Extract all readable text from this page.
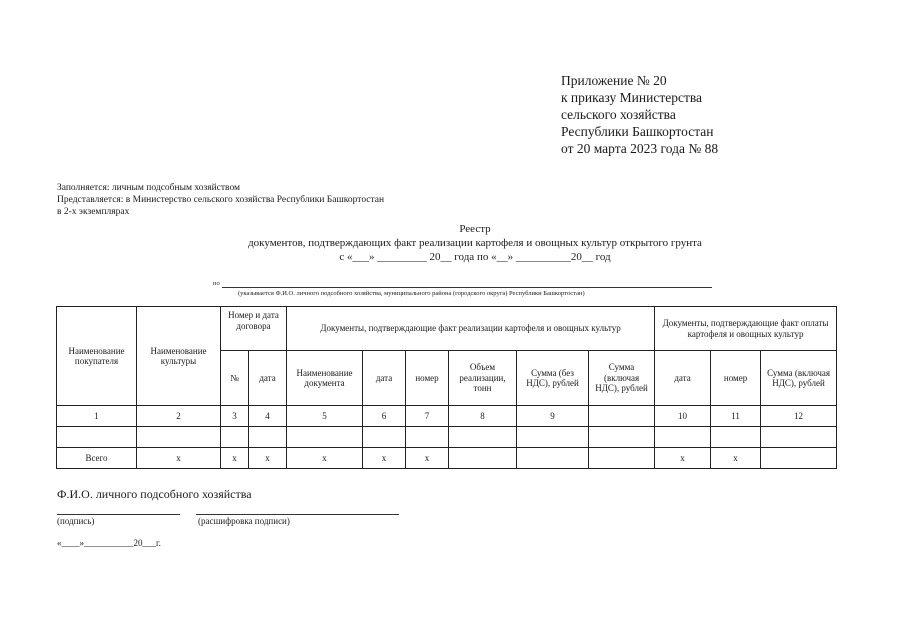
Приложение № 20
к приказу Министерства
сельского хозяйства
Республики Башкортостан
от 20 марта 2023 года № 88
Заполняется: личным подсобным хозяйством
Представляется: в Министерство сельского хозяйства Республики Башкортостан
в 2-х экземплярах
Реестр
документов, подтверждающих факт реализации картофеля и овощных культур открытого грунта
с «___» _________ 20__ года по «__» __________20__ год
по
(указывается Ф.И.О. личного подсобного хозяйства, муниципального района (городского округа) Республики Башкортостан)
Наименование покупателя	Наименование культуры	Номер и дата договора		Документы, подтверждающие факт реализации картофеля и овощных культур						Документы, подтверждающие факт оплаты картофеля и овощных культур		
		№	дата	Наименование документа	дата	номер	Объем реализации, тонн	Сумма (без НДС), рублей	Сумма (включая НДС), рублей	дата	номер	Сумма (включая НДС), рублей
1	2	3	4	5	6	7	8	9		10	11	12

Всего	х	х	х	х	х	х				х	х	
Ф.И.О. личного подсобного хозяйства
(подпись)	(расшифровка подписи)
«____»___________20___г.
